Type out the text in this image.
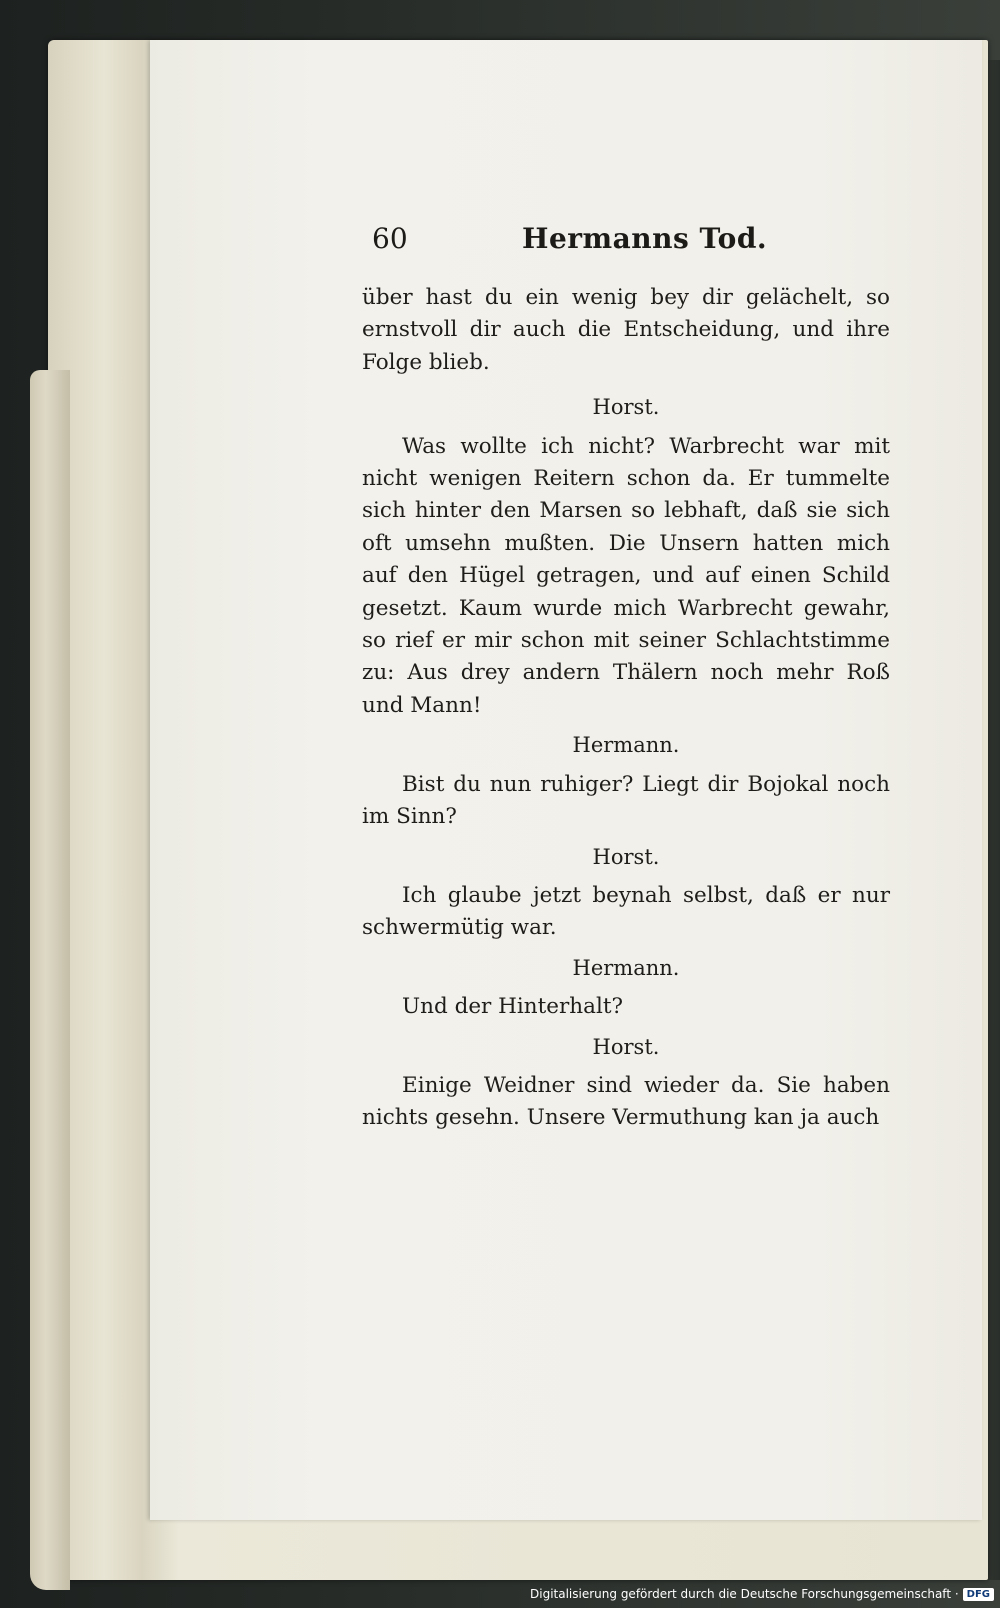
60	Hermanns Tod.

über hast du ein wenig bey dir gelächelt, so ernstvoll dir auch die Entscheidung, und ihre Folge blieb.

Horst.

Was wollte ich nicht? Warbrecht war mit nicht wenigen Reitern schon da. Er tummelte sich hinter den Marsen so lebhaft, daß sie sich oft umsehn mußten. Die Unsern hatten mich auf den Hügel getragen, und auf einen Schild gesetzt. Kaum wurde mich Warbrecht gewahr, so rief er mir schon mit seiner Schlachtstimme zu: Aus drey andern Thälern noch mehr Roß und Mann!

Hermann.

Bist du nun ruhiger? Liegt dir Bojokal noch im Sinn?

Horst.

Ich glaube jetzt beynah selbst, daß er nur schwermütig war.

Hermann.

Und der Hinterhalt?

Horst.

Einige Weidner sind wieder da. Sie haben nichts gesehn. Unsere Vermuthung kan ja auch

Digitalisierung gefördert durch die Deutsche Forschungsgemeinschaft · DFG
